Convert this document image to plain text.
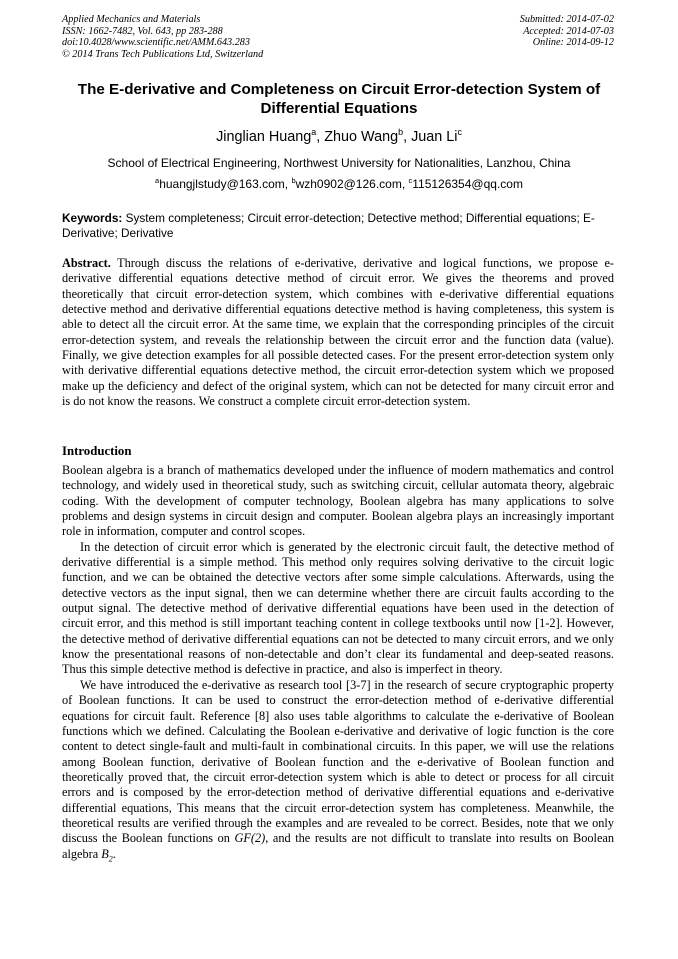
Applied Mechanics and Materials
ISSN: 1662-7482, Vol. 643, pp 283-288
doi:10.4028/www.scientific.net/AMM.643.283
© 2014 Trans Tech Publications Ltd, Switzerland
Submitted: 2014-07-02
Accepted: 2014-07-03
Online: 2014-09-12
The E-derivative and Completeness on Circuit Error-detection System of Differential Equations
Jinglian Huang$^a$, Zhuo Wang$^b$, Juan Li$^c$
School of Electrical Engineering, Northwest University for Nationalities, Lanzhou, China
$^a$huangjlstudy@163.com, $^b$wzh0902@126.com, $^c$115126354@qq.com
Keywords: System completeness; Circuit error-detection; Detective method; Differential equations; E-Derivative; Derivative
Abstract. Through discuss the relations of e-derivative, derivative and logical functions, we propose e-derivative differential equations detective method of circuit error. We gives the theorems and proved theoretically that circuit error-detection system, which combines with e-derivative differential equations detective method and derivative differential equations detective method is having completeness, this system is able to detect all the circuit error. At the same time, we explain that the corresponding principles of the circuit error-detection system, and reveals the relationship between the circuit error and the function data (value). Finally, we give detection examples for all possible detected cases. For the present error-detection system only with derivative differential equations detective method, the circuit error-detection system which we proposed make up the deficiency and defect of the original system, which can not be detected for many circuit error and is do not know the reasons. We construct a complete circuit error-detection system.
Introduction

Boolean algebra is a branch of mathematics developed under the influence of modern mathematics and control technology, and widely used in theoretical study, such as switching circuit, cellular automata theory, algebraic coding. With the development of computer technology, Boolean algebra has many applications to solve problems and design systems in circuit design and computer. Boolean algebra plays an increasingly important role in information, computer and control scopes.

In the detection of circuit error which is generated by the electronic circuit fault, the detective method of derivative differential is a simple method. This method only requires solving derivative to the circuit logic function, and we can be obtained the detective vectors after some simple calculations. Afterwards, using the detective vectors as the input signal, then we can determine whether there are circuit faults according to the output signal. The detective method of derivative differential equations have been used in the detection of circuit error, and this method is still important teaching content in college textbooks until now [1-2]. However, the detective method of derivative differential equations can not be detected to many circuit errors, and we only know the presentational reasons of non-detectable and don’t clear its fundamental and deep-seated reasons. Thus this simple detective method is defective in practice, and also is imperfect in theory.

We have introduced the e-derivative as research tool [3-7] in the research of secure cryptographic property of Boolean functions. It can be used to construct the error-detection method of e-derivative differential equations for circuit fault. Reference [8] also uses table algorithms to calculate the e-derivative of Boolean functions which we defined. Calculating the Boolean e-derivative and derivative of logic function is the core content to detect single-fault and multi-fault in combinational circuits. In this paper, we will use the relations among Boolean function, derivative of Boolean function and the e-derivative of Boolean function and theoretically proved that, the circuit error-detection system which is able to detect or process for all circuit errors and is composed by the error-detection method of derivative differential equations and e-derivative differential equations, This means that the circuit error-detection system has completeness. Meanwhile, the theoretical results are verified through the examples and are revealed to be correct. Besides, note that we only discuss the Boolean functions on GF(2), and the results are not difficult to translate into results on Boolean algebra $B_2$.
